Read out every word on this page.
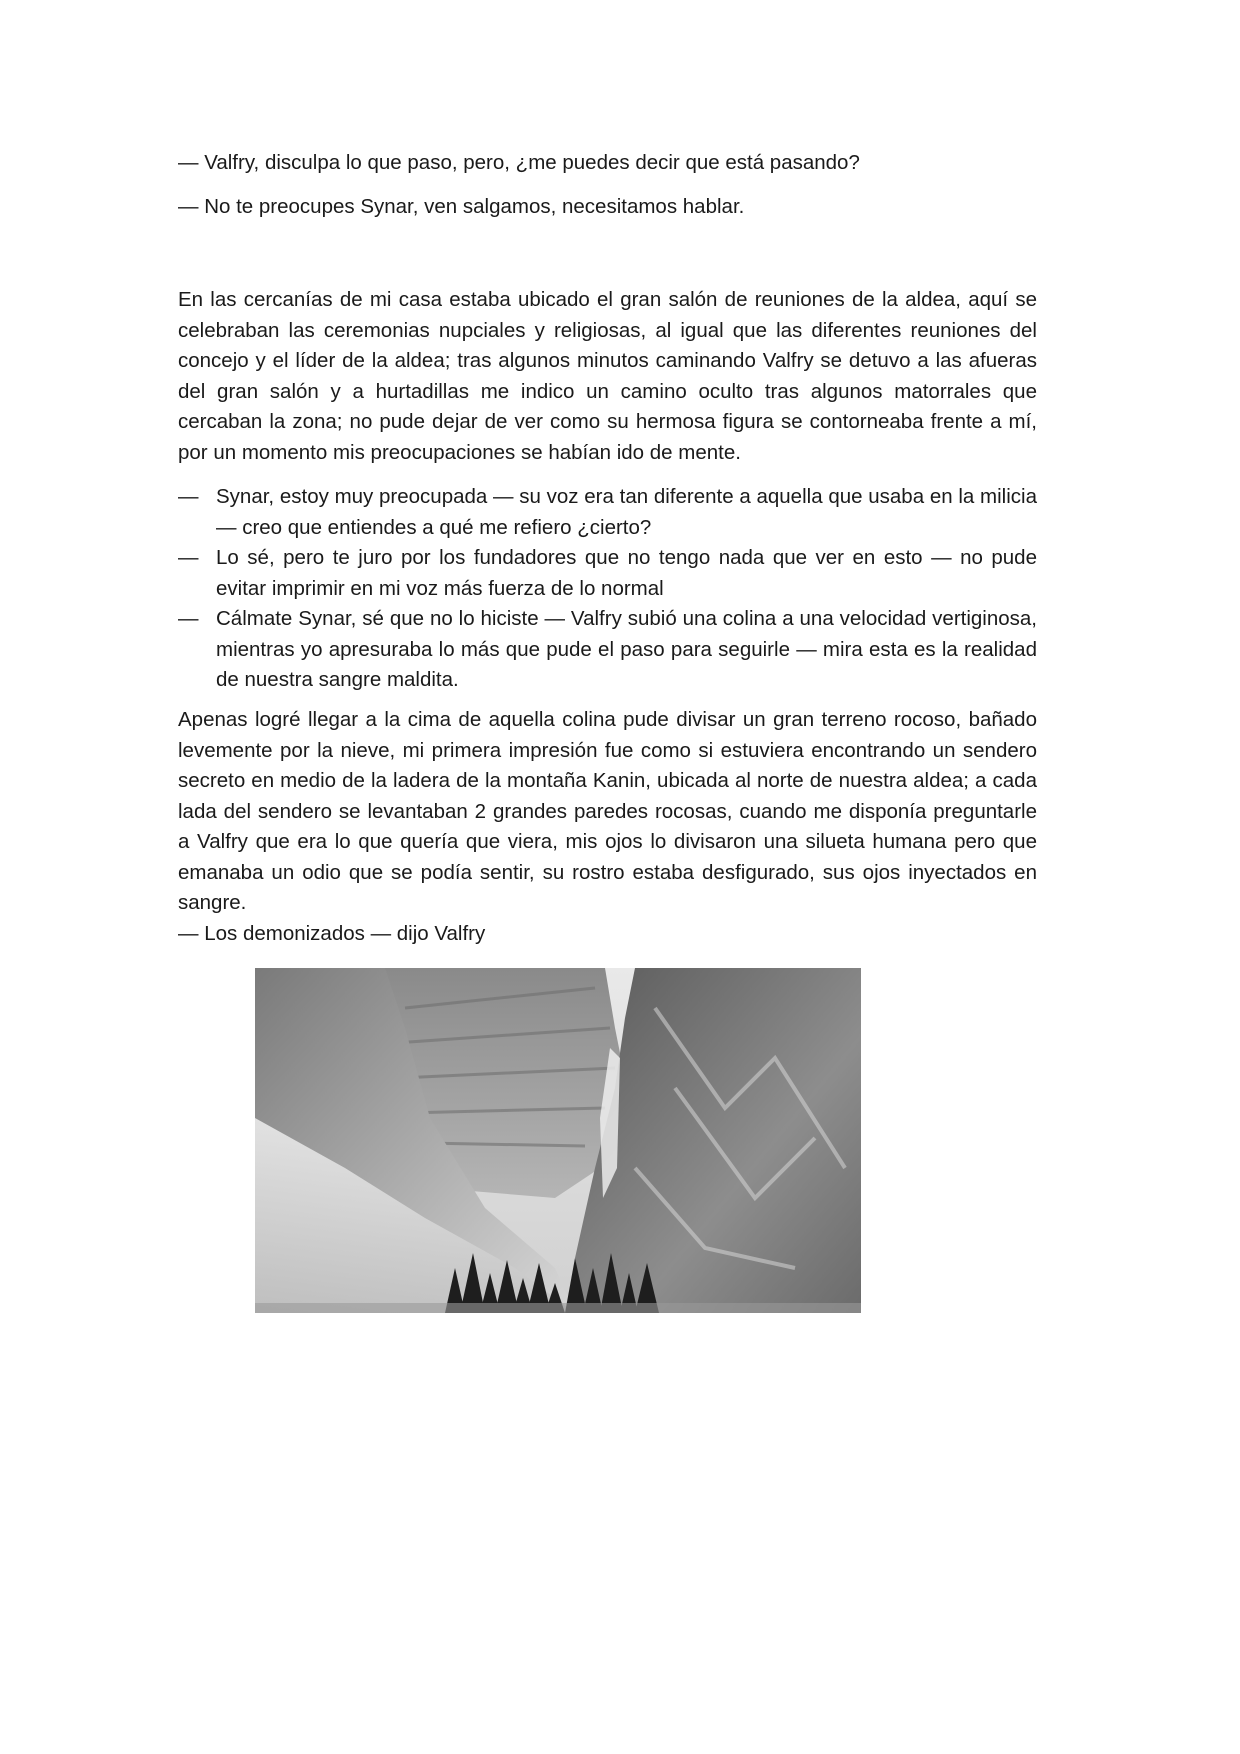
— Valfry, disculpa lo que paso, pero, ¿me puedes decir que está pasando?

— No te preocupes Synar, ven salgamos, necesitamos hablar.

En las cercanías de mi casa estaba ubicado el gran salón de reuniones de la aldea, aquí se celebraban las ceremonias nupciales y religiosas, al igual que las diferentes reuniones del concejo y el líder de la aldea; tras algunos minutos caminando Valfry se detuvo a las afueras del gran salón y a hurtadillas me indico un camino oculto tras algunos matorrales que cercaban la zona; no pude dejar de ver como su hermosa figura se contorneaba frente a mí, por un momento mis preocupaciones se habían ido de mente.

— Synar, estoy muy preocupada — su voz era tan diferente a aquella que usaba en la milicia — creo que entiendes a qué me refiero ¿cierto?
— Lo sé, pero te juro por los fundadores que no tengo nada que ver en esto — no pude evitar imprimir en mi voz más fuerza de lo normal
— Cálmate Synar, sé que no lo hiciste — Valfry subió una colina a una velocidad vertiginosa, mientras yo apresuraba lo más que pude el paso para seguirle — mira esta es la realidad de nuestra sangre maldita.

Apenas logré llegar a la cima de aquella colina pude divisar un gran terreno rocoso, bañado levemente por la nieve, mi primera impresión fue como si estuviera encontrando un sendero secreto en medio de la ladera de la montaña Kanin, ubicada al norte de nuestra aldea; a cada lada del sendero se levantaban 2 grandes paredes rocosas, cuando me disponía preguntarle a Valfry que era lo que quería que viera, mis ojos lo divisaron una silueta humana pero que emanaba un odio que se podía sentir, su rostro estaba desfigurado, sus ojos inyectados en sangre.

— Los demonizados — dijo Valfry
